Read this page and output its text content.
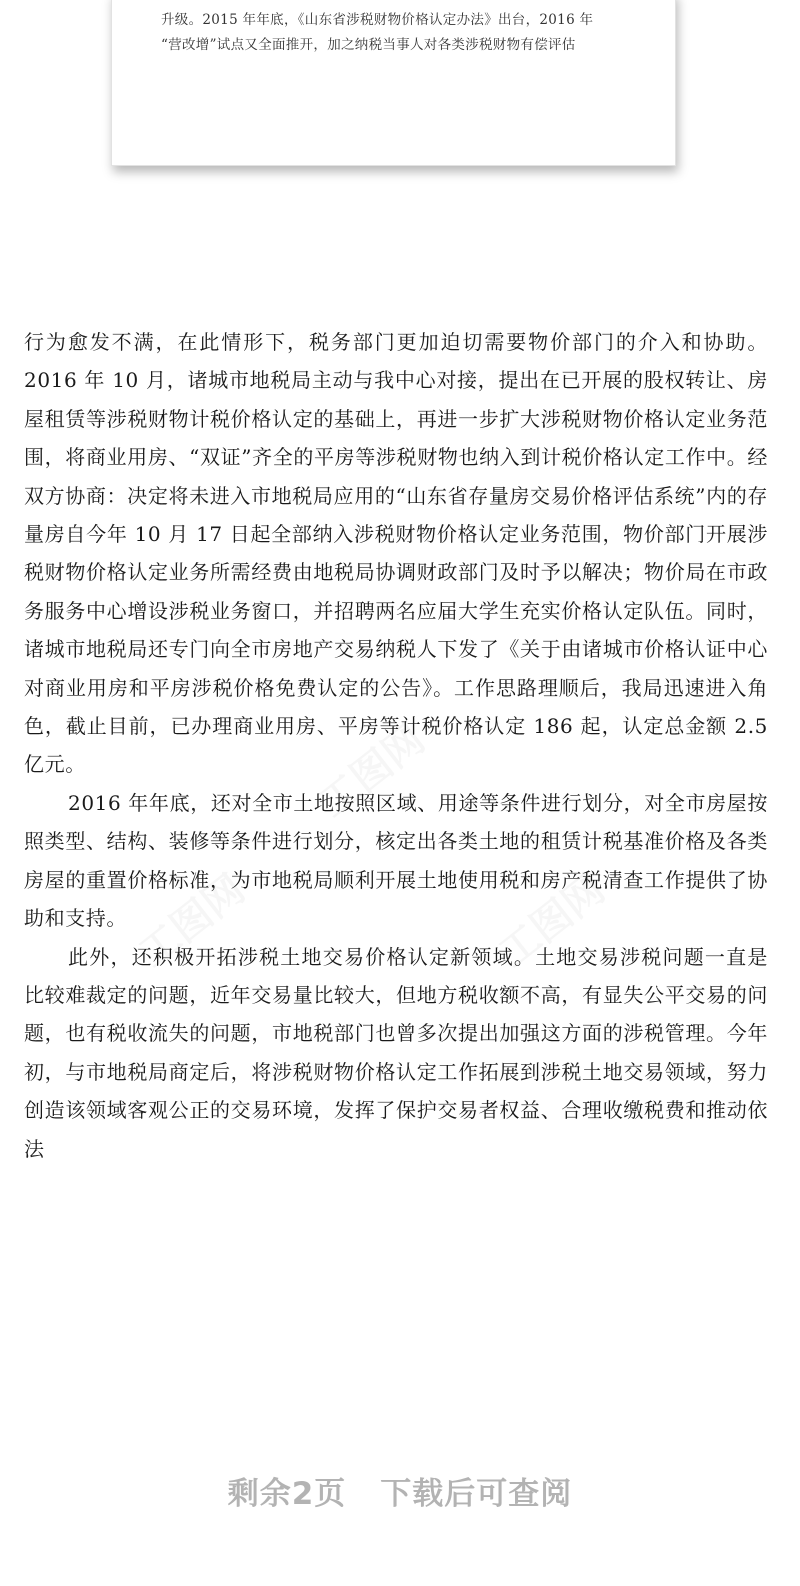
升级。2015 年年底，《山东省涉税财物价格认定办法》出台，2016 年
“营改增”试点又全面推开，加之纳税当事人对各类涉税财物有偿评估

行为愈发不满，在此情形下，税务部门更加迫切需要物价部门的介入和协助。2016 年 10 月，诸城市地税局主动与我中心对接，提出在已开展的股权转让、房屋租赁等涉税财物计税价格认定的基础上，再进一步扩大涉税财物价格认定业务范围，将商业用房、“双证”齐全的平房等涉税财物也纳入到计税价格认定工作中。经双方协商：决定将未进入市地税局应用的“山东省存量房交易价格评估系统”内的存量房自今年 10 月 17 日起全部纳入涉税财物价格认定业务范围，物价部门开展涉税财物价格认定业务所需经费由地税局协调财政部门及时予以解决；物价局在市政务服务中心增设涉税业务窗口，并招聘两名应届大学生充实价格认定队伍。同时，诸城市地税局还专门向全市房地产交易纳税人下发了《关于由诸城市价格认证中心对商业用房和平房涉税价格免费认定的公告》。工作思路理顺后，我局迅速进入角色，截止目前，已办理商业用房、平房等计税价格认定 186 起，认定总金额 2.5 亿元。

2016 年年底，还对全市土地按照区域、用途等条件进行划分，对全市房屋按照类型、结构、装修等条件进行划分，核定出各类土地的租赁计税基准价格及各类房屋的重置价格标准，为市地税局顺利开展土地使用税和房产税清查工作提供了协助和支持。

此外，还积极开拓涉税土地交易价格认定新领域。土地交易涉税问题一直是比较难裁定的问题，近年交易量比较大，但地方税收额不高，有显失公平交易的问题，也有税收流失的问题，市地税部门也曾多次提出加强这方面的涉税管理。今年初，与市地税局商定后，将涉税财物价格认定工作拓展到涉税土地交易领域，努力创造该领域客观公正的交易环境，发挥了保护交易者权益、合理收缴税费和推动依法

剩余2页 下载后可查阅
